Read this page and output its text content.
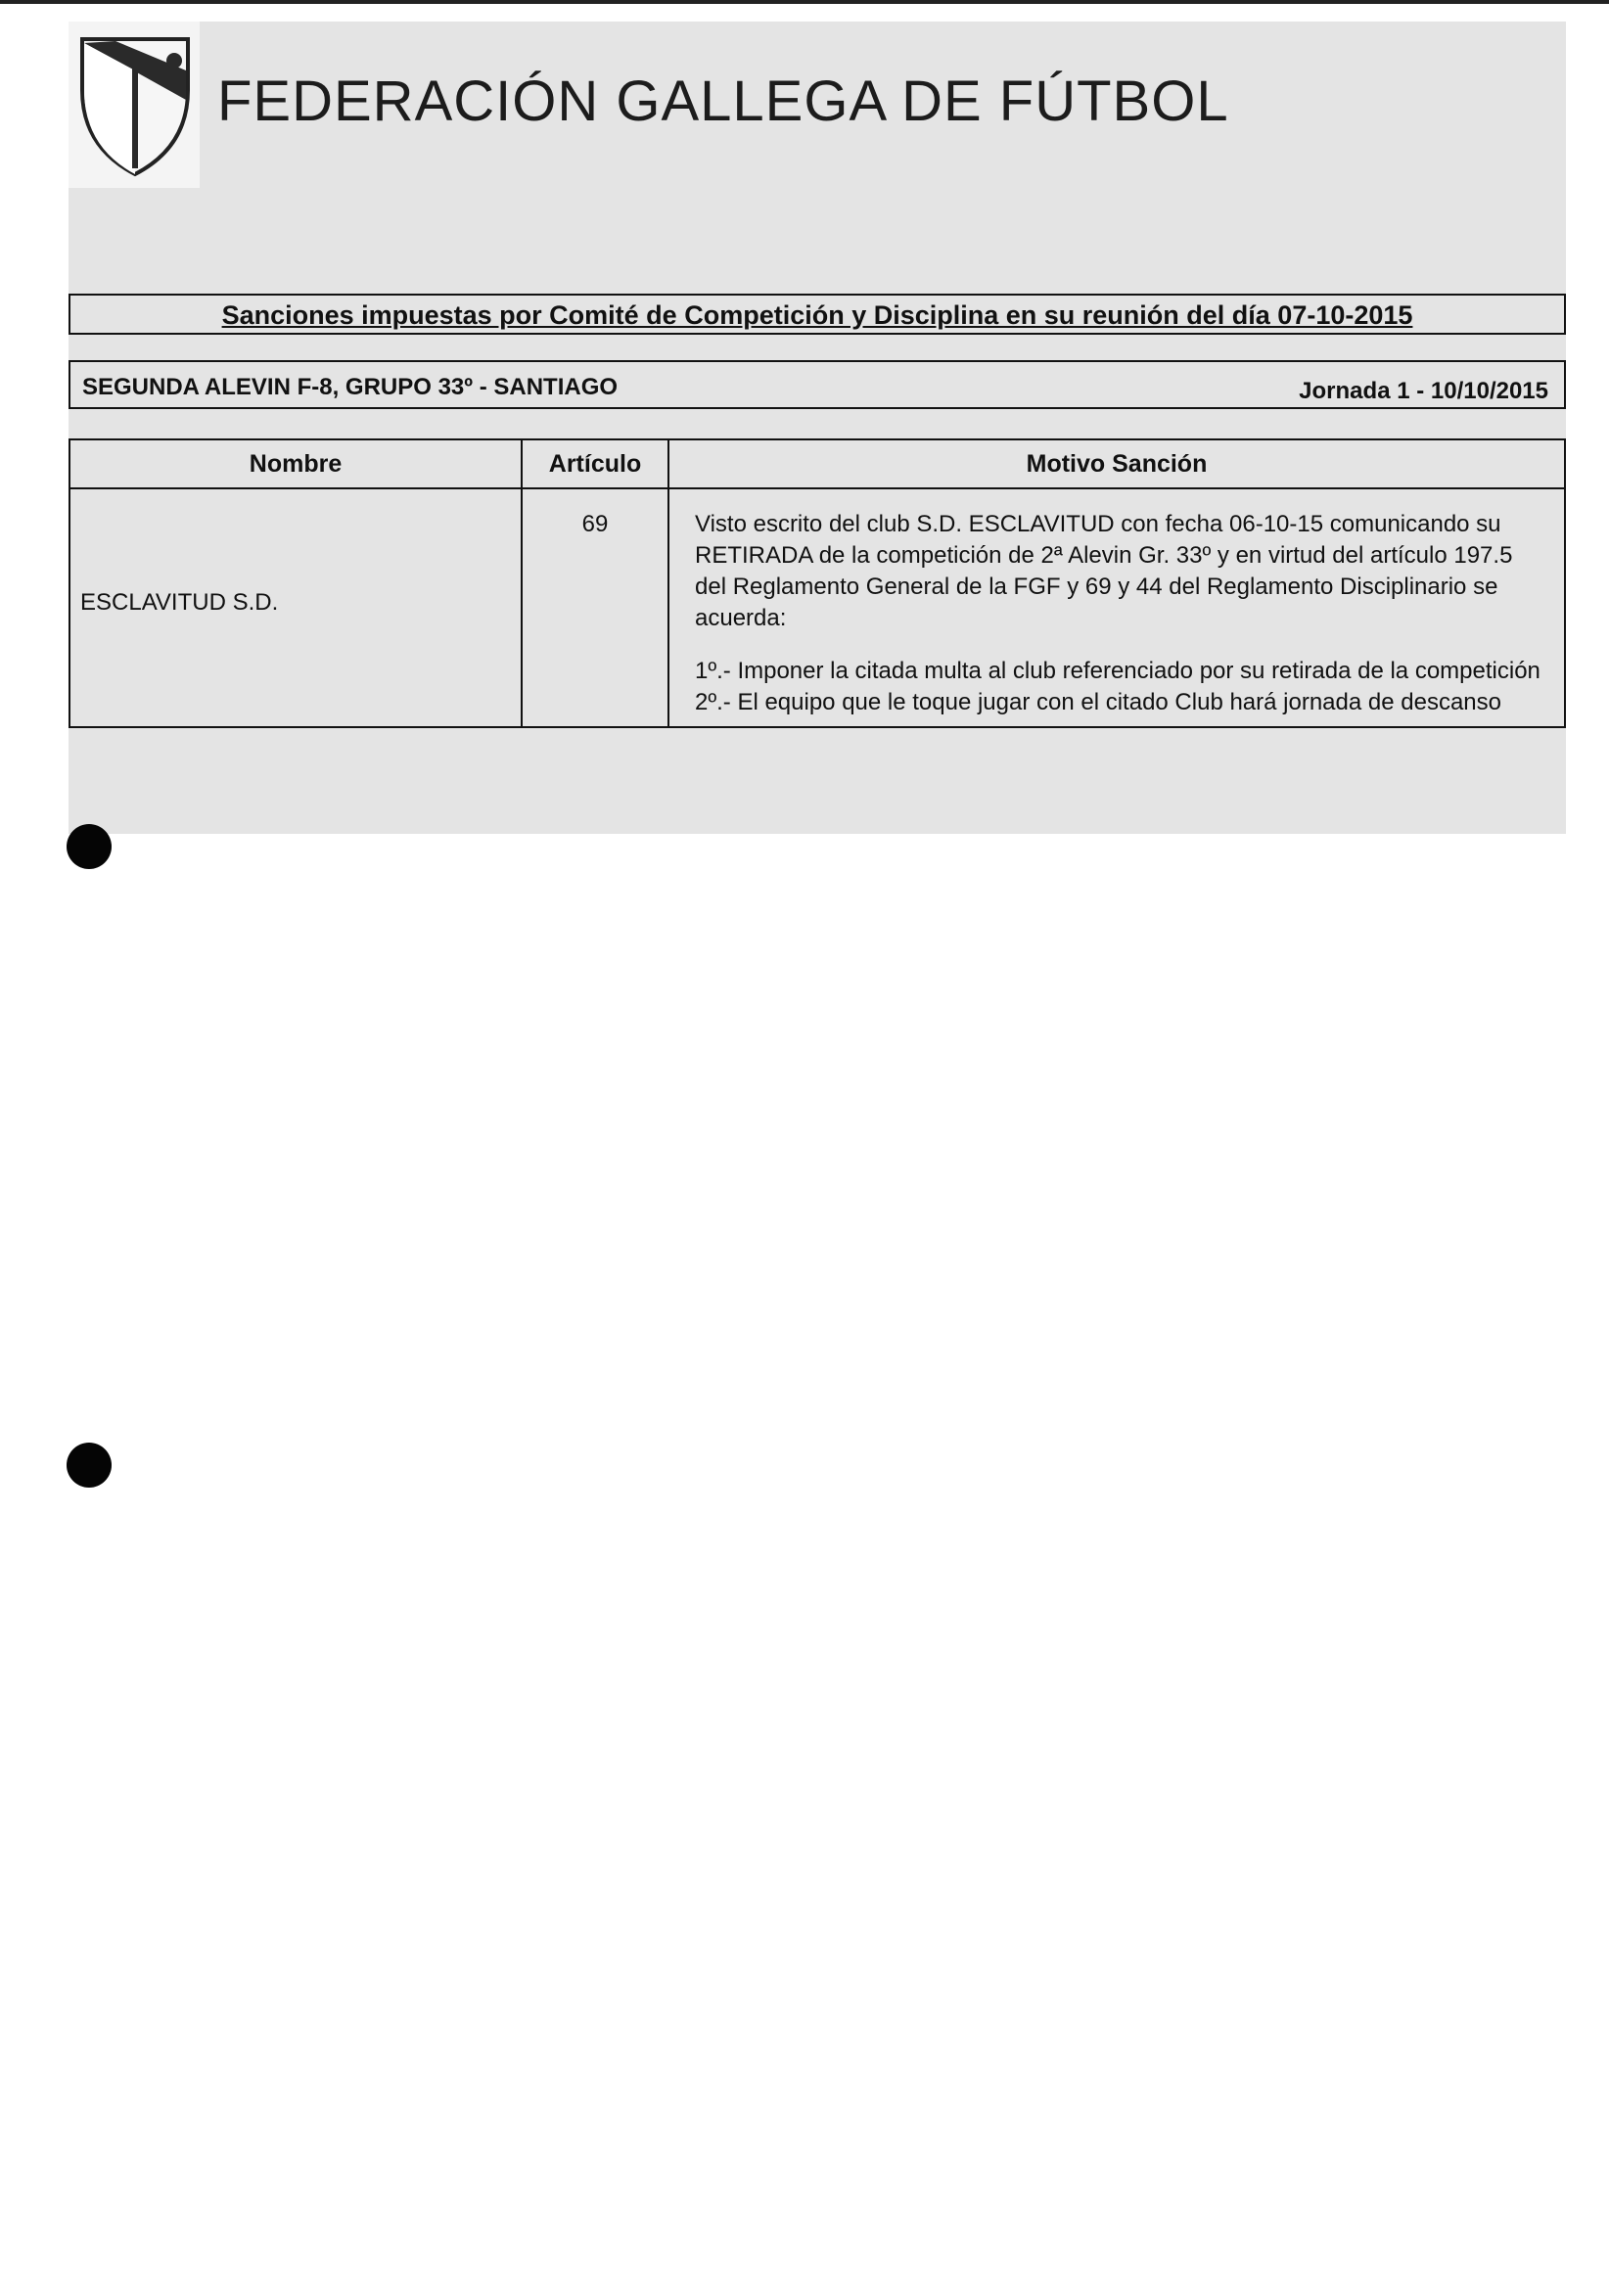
FEDERACIÓN GALLEGA DE FÚTBOL
Sanciones impuestas por Comité de Competición y Disciplina en su reunión del día 07-10-2015
SEGUNDA ALEVIN F-8, GRUPO 33º - SANTIAGO	Jornada 1 - 10/10/2015
Nombre	Artículo	Motivo Sanción
ESCLAVITUD S.D.	69	Visto escrito del club S.D. ESCLAVITUD con fecha 06-10-15 comunicando su RETIRADA de la competición de 2ª Alevin Gr. 33º y en virtud del artículo 197.5 del Reglamento General de la FGF y 69 y 44 del Reglamento Disciplinario se acuerda:

1º.- Imponer la citada multa al club referenciado por su retirada de la competición

2º.- El equipo que le toque jugar con el citado Club hará jornada de descanso
